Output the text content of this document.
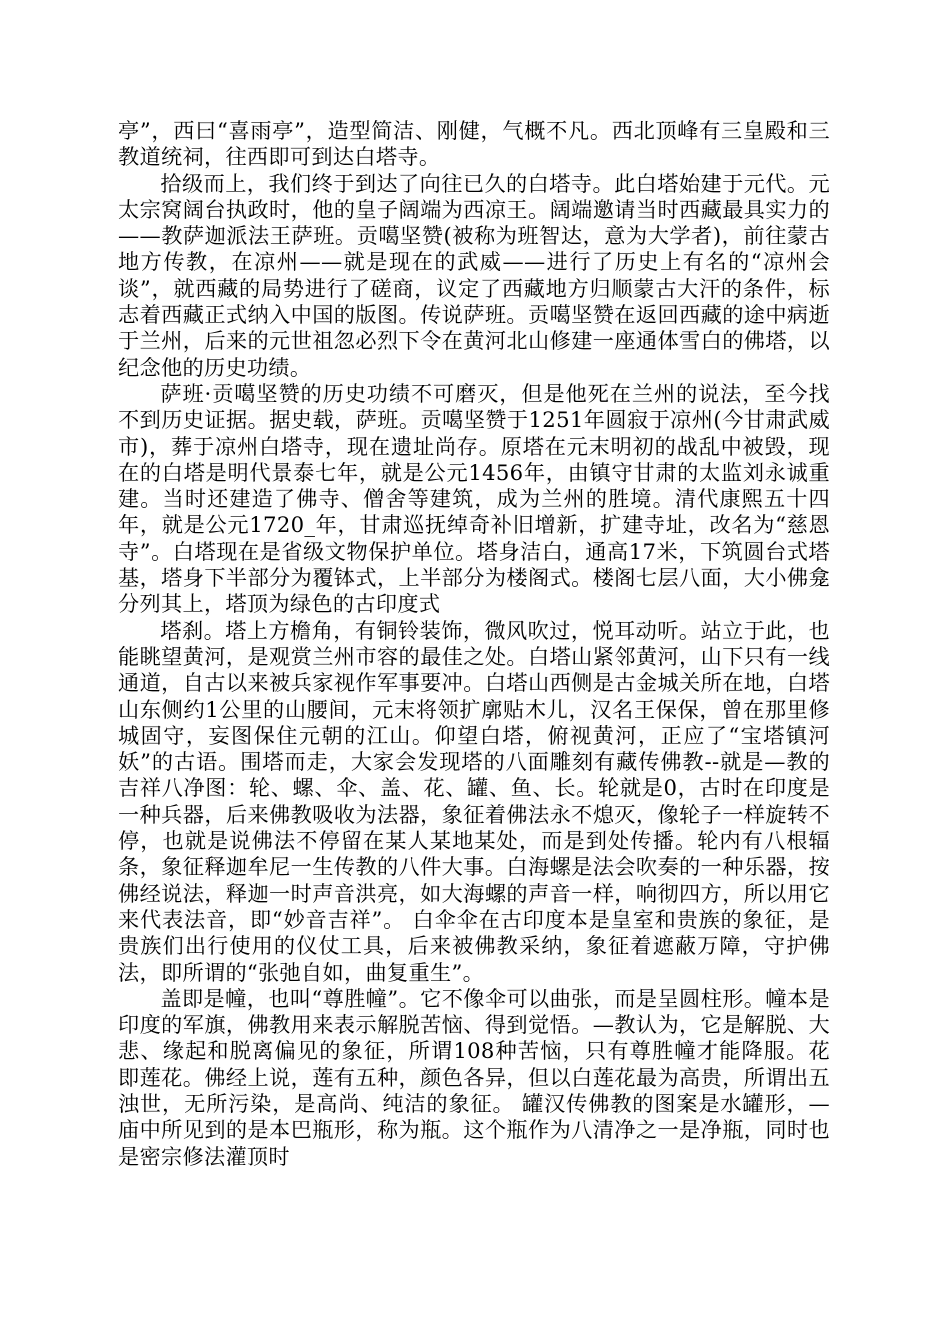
亭”，西曰“喜雨亭”，造型简洁、刚健，气概不凡。西北顶峰有三皇殿和三教道统祠，往西即可到达白塔寺。

拾级而上，我们终于到达了向往已久的白塔寺。此白塔始建于元代。元太宗窝阔台执政时，他的皇子阔端为西凉王。阔端邀请当时西藏最具实力的——教萨迦派法王萨班。贡噶坚赞(被称为班智达，意为大学者)，前往蒙古地方传教，在凉州——就是现在的武威——进行了历史上有名的“凉州会谈”，就西藏的局势进行了磋商，议定了西藏地方归顺蒙古大汗的条件，标志着西藏正式纳入中国的版图。传说萨班。贡噶坚赞在返回西藏的途中病逝于兰州，后来的元世祖忽必烈下令在黄河北山修建一座通体雪白的佛塔，以纪念他的历史功绩。

萨班·贡噶坚赞的历史功绩不可磨灭，但是他死在兰州的说法，至今找不到历史证据。据史载，萨班。贡噶坚赞于1251年圆寂于凉州(今甘肃武威市)，葬于凉州白塔寺，现在遗址尚存。原塔在元末明初的战乱中被毁，现在的白塔是明代景泰七年，就是公元1456年，由镇守甘肃的太监刘永诚重建。当时还建造了佛寺、僧舍等建筑，成为兰州的胜境。清代康熙五十四年，就是公元1720_年，甘肃巡抚绰奇补旧增新，扩建寺址，改名为“慈恩寺”。白塔现在是省级文物保护单位。塔身洁白，通高17米，下筑圆台式塔基，塔身下半部分为覆钵式，上半部分为楼阁式。楼阁七层八面，大小佛龛分列其上，塔顶为绿色的古印度式

塔刹。塔上方檐角，有铜铃装饰，微风吹过，悦耳动听。站立于此，也能眺望黄河，是观赏兰州市容的最佳之处。白塔山紧邻黄河，山下只有一线通道，自古以来被兵家视作军事要冲。白塔山西侧是古金城关所在地，白塔山东侧约1公里的山腰间，元末将领扩廓贴木儿，汉名王保保，曾在那里修城固守，妄图保住元朝的江山。仰望白塔，俯视黄河，正应了“宝塔镇河妖”的古语。围塔而走，大家会发现塔的八面雕刻有藏传佛教--就是—教的吉祥八净图：轮、螺、伞、盖、花、罐、鱼、长。轮就是0，古时在印度是一种兵器，后来佛教吸收为法器，象征着佛法永不熄灭，像轮子一样旋转不停，也就是说佛法不停留在某人某地某处，而是到处传播。轮内有八根辐条，象征释迦牟尼一生传教的八件大事。白海螺是法会吹奏的一种乐器，按佛经说法，释迦一时声音洪亮，如大海螺的声音一样，响彻四方，所以用它来代表法音，即“妙音吉祥”。 白伞伞在古印度本是皇室和贵族的象征，是贵族们出行使用的仪仗工具，后来被佛教采纳，象征着遮蔽万障，守护佛法，即所谓的“张弛自如，曲复重生”。

盖即是幢，也叫“尊胜幢”。它不像伞可以曲张，而是呈圆柱形。幢本是印度的军旗，佛教用来表示解脱苦恼、得到觉悟。—教认为，它是解脱、大悲、缘起和脱离偏见的象征，所谓108种苦恼，只有尊胜幢才能降服。花 即莲花。佛经上说，莲有五种，颜色各异，但以白莲花最为高贵，所谓出五浊世，无所污染，是高尚、纯洁的象征。 罐汉传佛教的图案是水罐形，—庙中所见到的是本巴瓶形，称为瓶。这个瓶作为八清净之一是净瓶，同时也是密宗修法灌顶时
